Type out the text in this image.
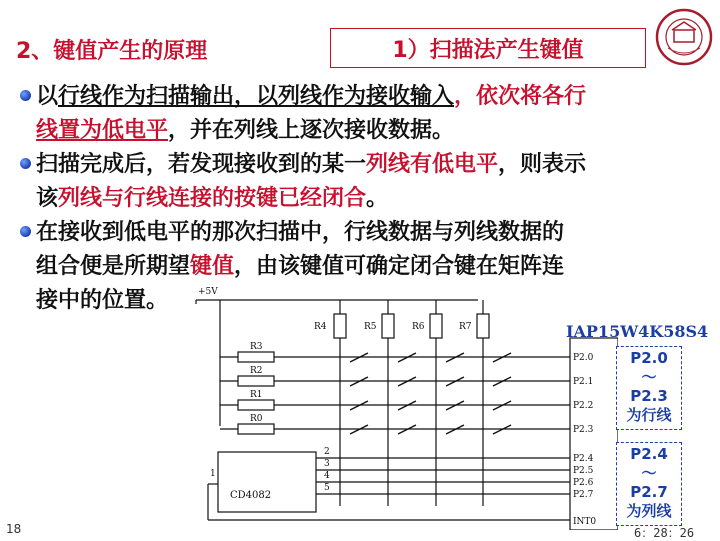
2、键值产生的原理	1）扫描法产生键值
以行线作为扫描输出，以列线作为接收输入，依次将各行
线置为低电平，并在列线上逐次接收数据。
扫描完成后，若发现接收到的某一列线有低电平，则表示
该列线与行线连接的按键已经闭合。
在接收到低电平的那次扫描中，行线数据与列线数据的
组合便是所期望键值，由该键值可确定闭合键在矩阵连
接中的位置。	+5V
R4	R5	R6	R7
R3
R2
R1
R0
CD4082
2
3
4
5
1
P2.0
P2.1
P2.2
P2.3
P2.4
P2.5
P2.6
P2.7
INT0
IAP15W4K58S4
P2.0
～
P2.3
为行线
P2.4
～
P2.7
为列线
18	6：28：26
